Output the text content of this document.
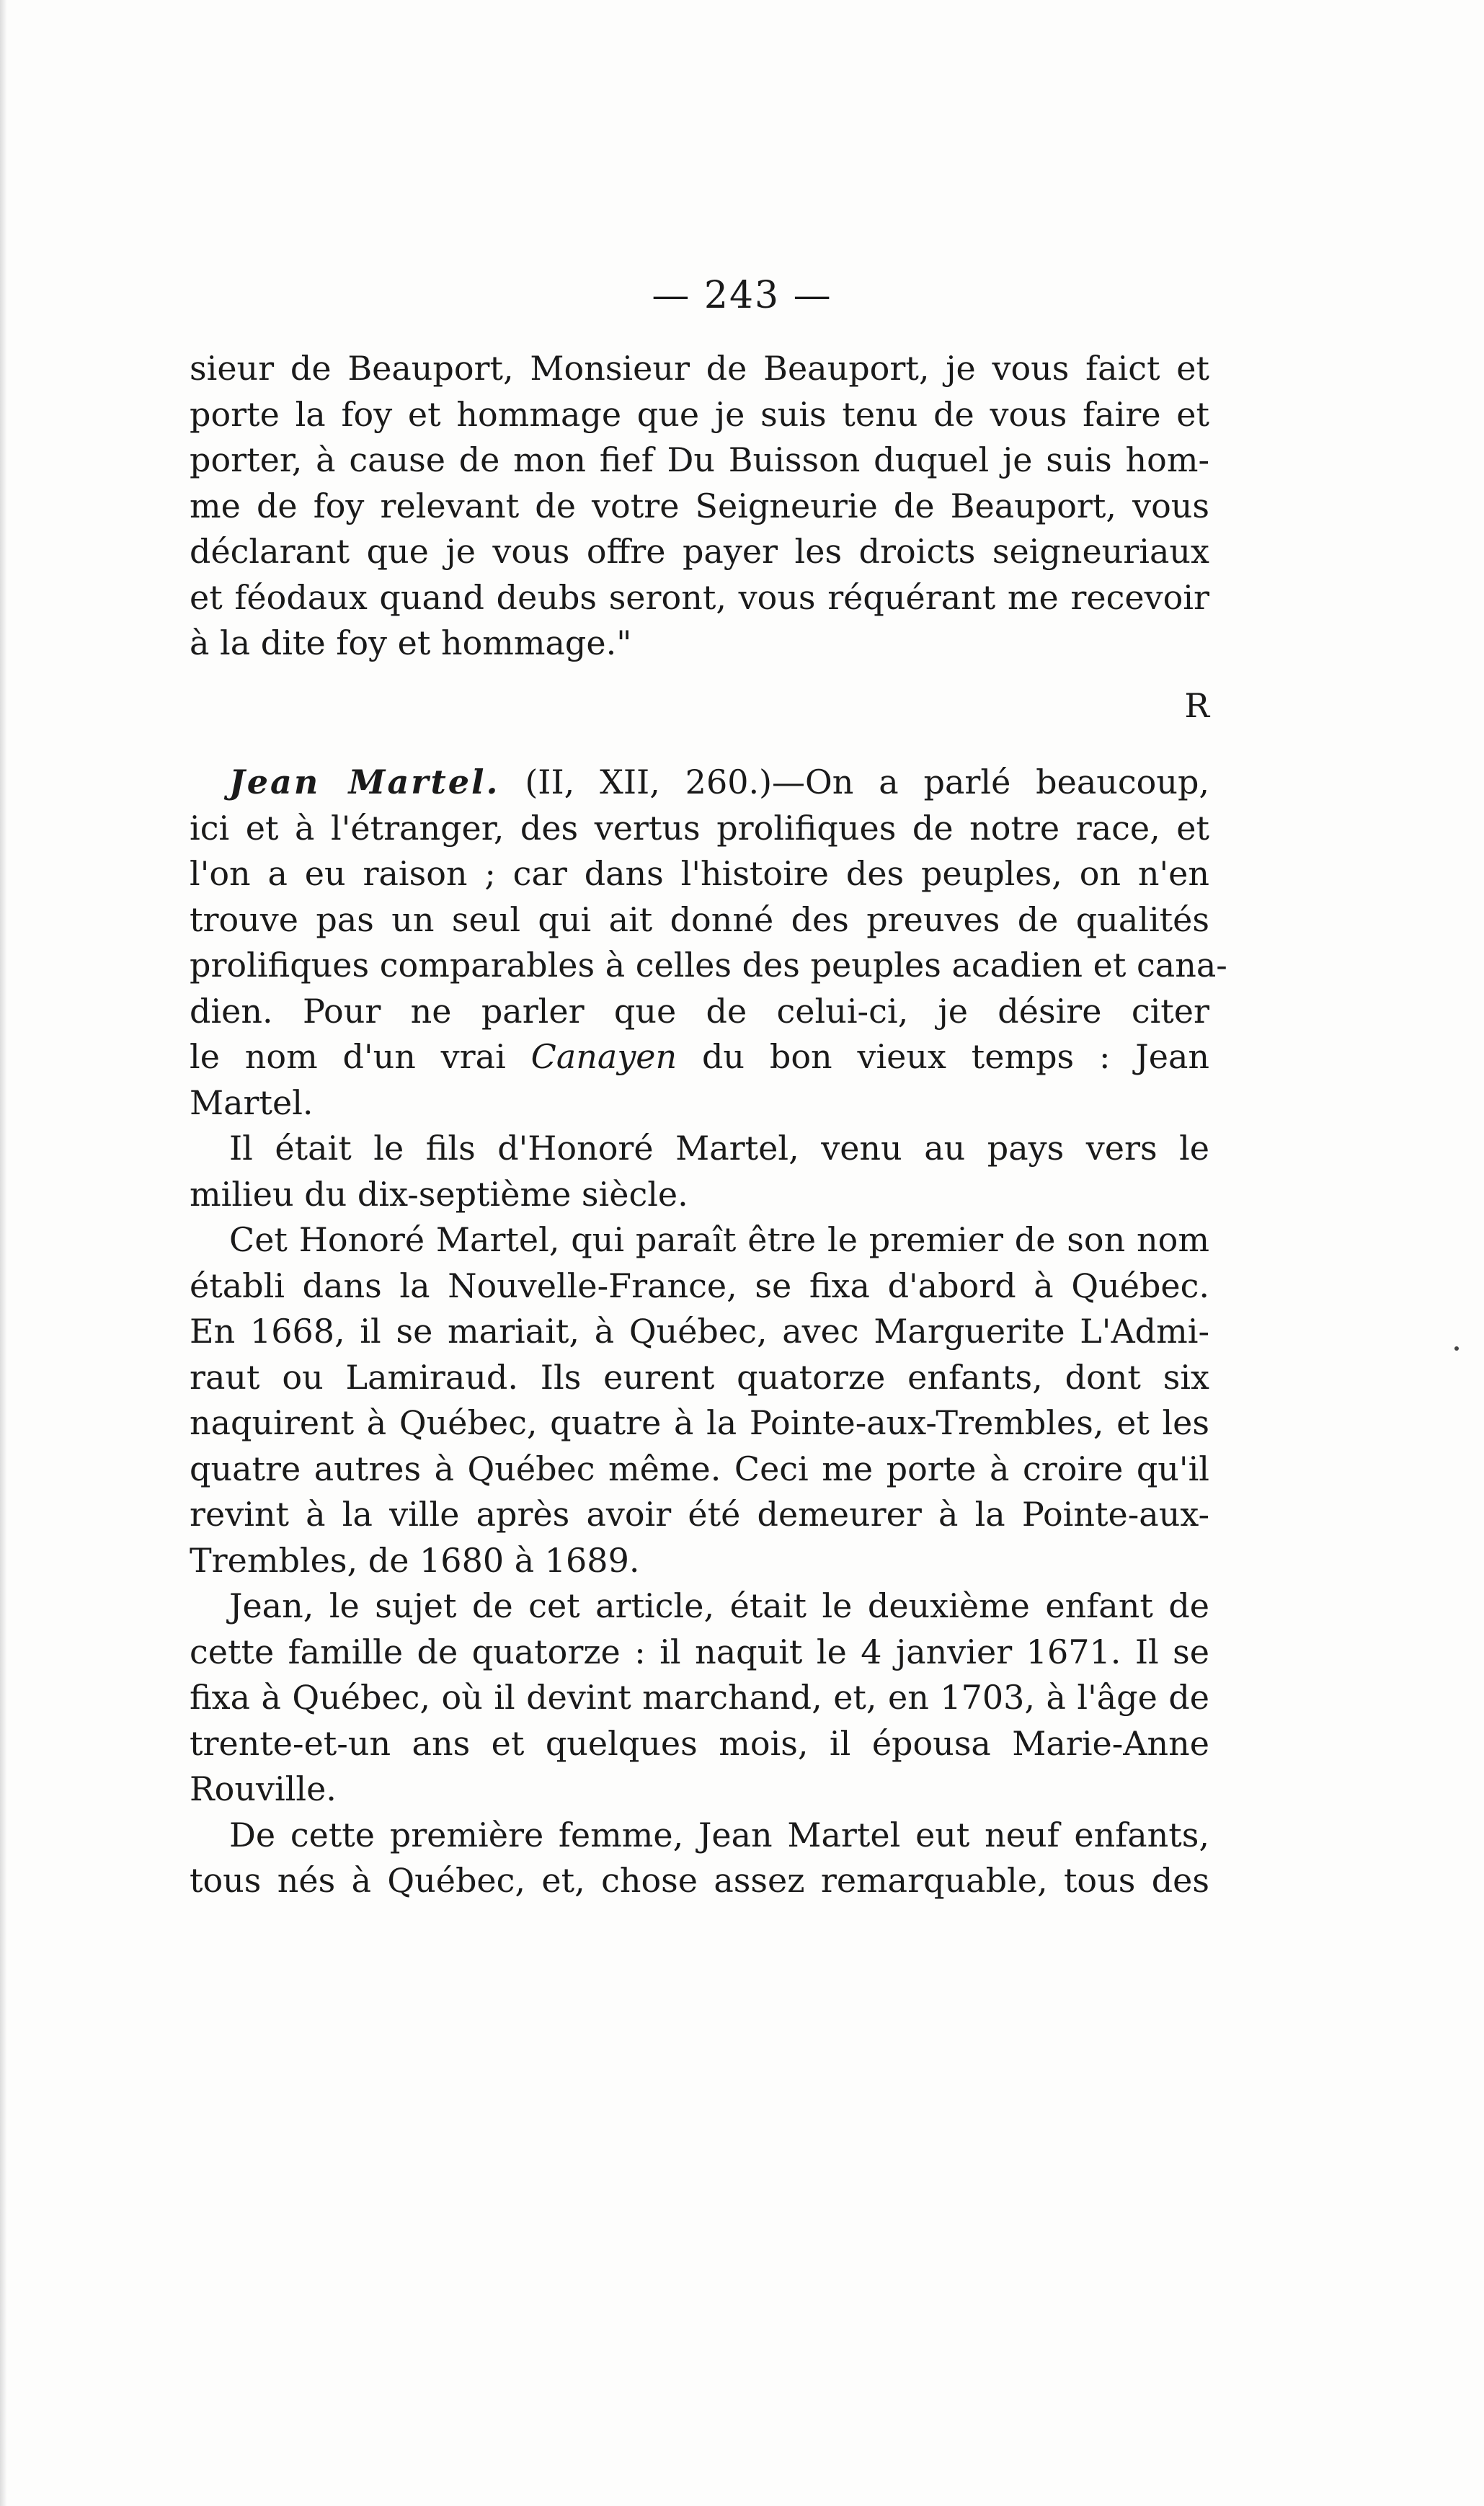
— 243 —
sieur de Beauport, Monsieur de Beauport, je vous faict et
porte la foy et hommage que je suis tenu de vous faire et
porter, à cause de mon fief Du Buisson duquel je suis hom-
me de foy relevant de votre Seigneurie de Beauport, vous
déclarant que je vous offre payer les droicts seigneuriaux
et féodaux quand deubs seront, vous réquérant me recevoir
à la dite foy et hommage."
R
Jean Martel. (II, XII, 260.)—On a parlé beaucoup,
ici et à l'étranger, des vertus prolifiques de notre race, et
l'on a eu raison ; car dans l'histoire des peuples, on n'en
trouve pas un seul qui ait donné des preuves de qualités
prolifiques comparables à celles des peuples acadien et cana-
dien. Pour ne parler que de celui-ci, je désire citer
le nom d'un vrai Canayen du bon vieux temps : Jean
Martel.
Il était le fils d'Honoré Martel, venu au pays vers le
milieu du dix-septième siècle.
Cet Honoré Martel, qui paraît être le premier de son nom
établi dans la Nouvelle-France, se fixa d'abord à Québec.
En 1668, il se mariait, à Québec, avec Marguerite L'Admi-
raut ou Lamiraud. Ils eurent quatorze enfants, dont six
naquirent à Québec, quatre à la Pointe-aux-Trembles, et les
quatre autres à Québec même. Ceci me porte à croire qu'il
revint à la ville après avoir été demeurer à la Pointe-aux-
Trembles, de 1680 à 1689.
Jean, le sujet de cet article, était le deuxième enfant de
cette famille de quatorze : il naquit le 4 janvier 1671. Il se
fixa à Québec, où il devint marchand, et, en 1703, à l'âge de
trente-et-un ans et quelques mois, il épousa Marie-Anne
Rouville.
De cette première femme, Jean Martel eut neuf enfants,
tous nés à Québec, et, chose assez remarquable, tous des
